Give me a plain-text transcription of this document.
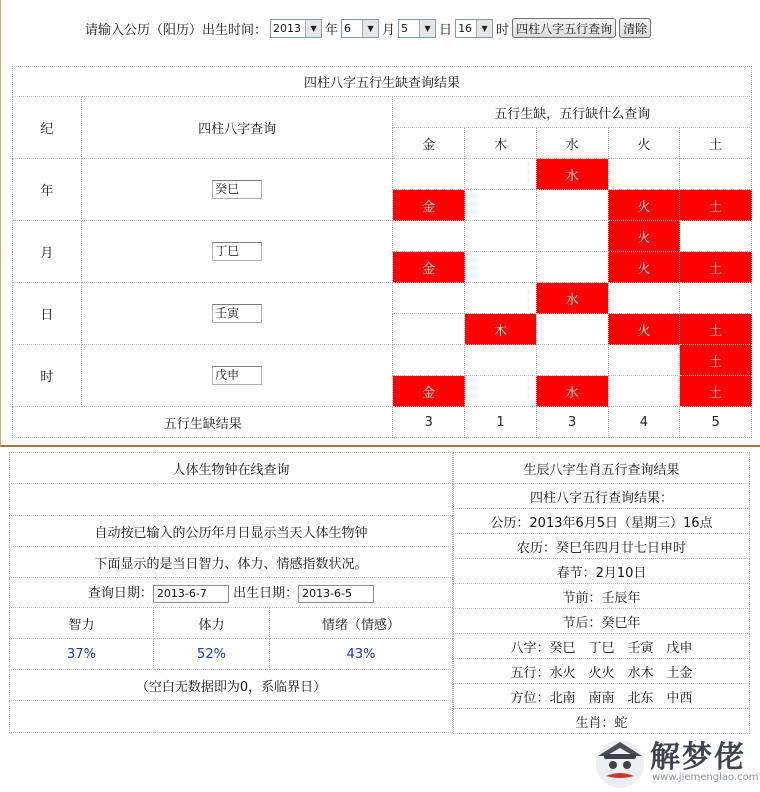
请输入公历（阳历）出生时间： 2013	▼ 年 6	▼ 月 5	▼ 日 16	▼ 时 四柱八字五行查询 清除
四柱八字五行生缺查询结果						
纪	四柱八字查询	五行生缺，五行缺什么查询				
		金	木	水	火	土
年	癸巳			水		
		金			火	土
月	丁巳				火	
		金			火	土
日	壬寅			水		
			木		火	土
时	戊申					土
		金		水		土
五行生缺结果		3	1	3	4	5
人体生物钟在线查询		

自动按已输入的公历年月日显示当天人体生物钟		
下面显示的是当日智力、体力、情感指数状况。		
查询日期： 2013-6-7 出生日期： 2013-6-5		
智力	体力	情绪（情感）
37%	52%	43%
（空白无数据即为0，系临界日）		

生辰八字生肖五行查询结果
四柱八字五行查询结果：
公历：2013年6月5日（星期三）16点
农历：癸巳年四月廿七日申时
春节：2月10日
节前：壬辰年
节后：癸巳年
八字：癸巳　丁巳　壬寅　戊申
五行：水火　火火　水木　土金
方位：北南　南南　北东　中西
生肖：蛇
解梦佬
www.jiemenglao.com
